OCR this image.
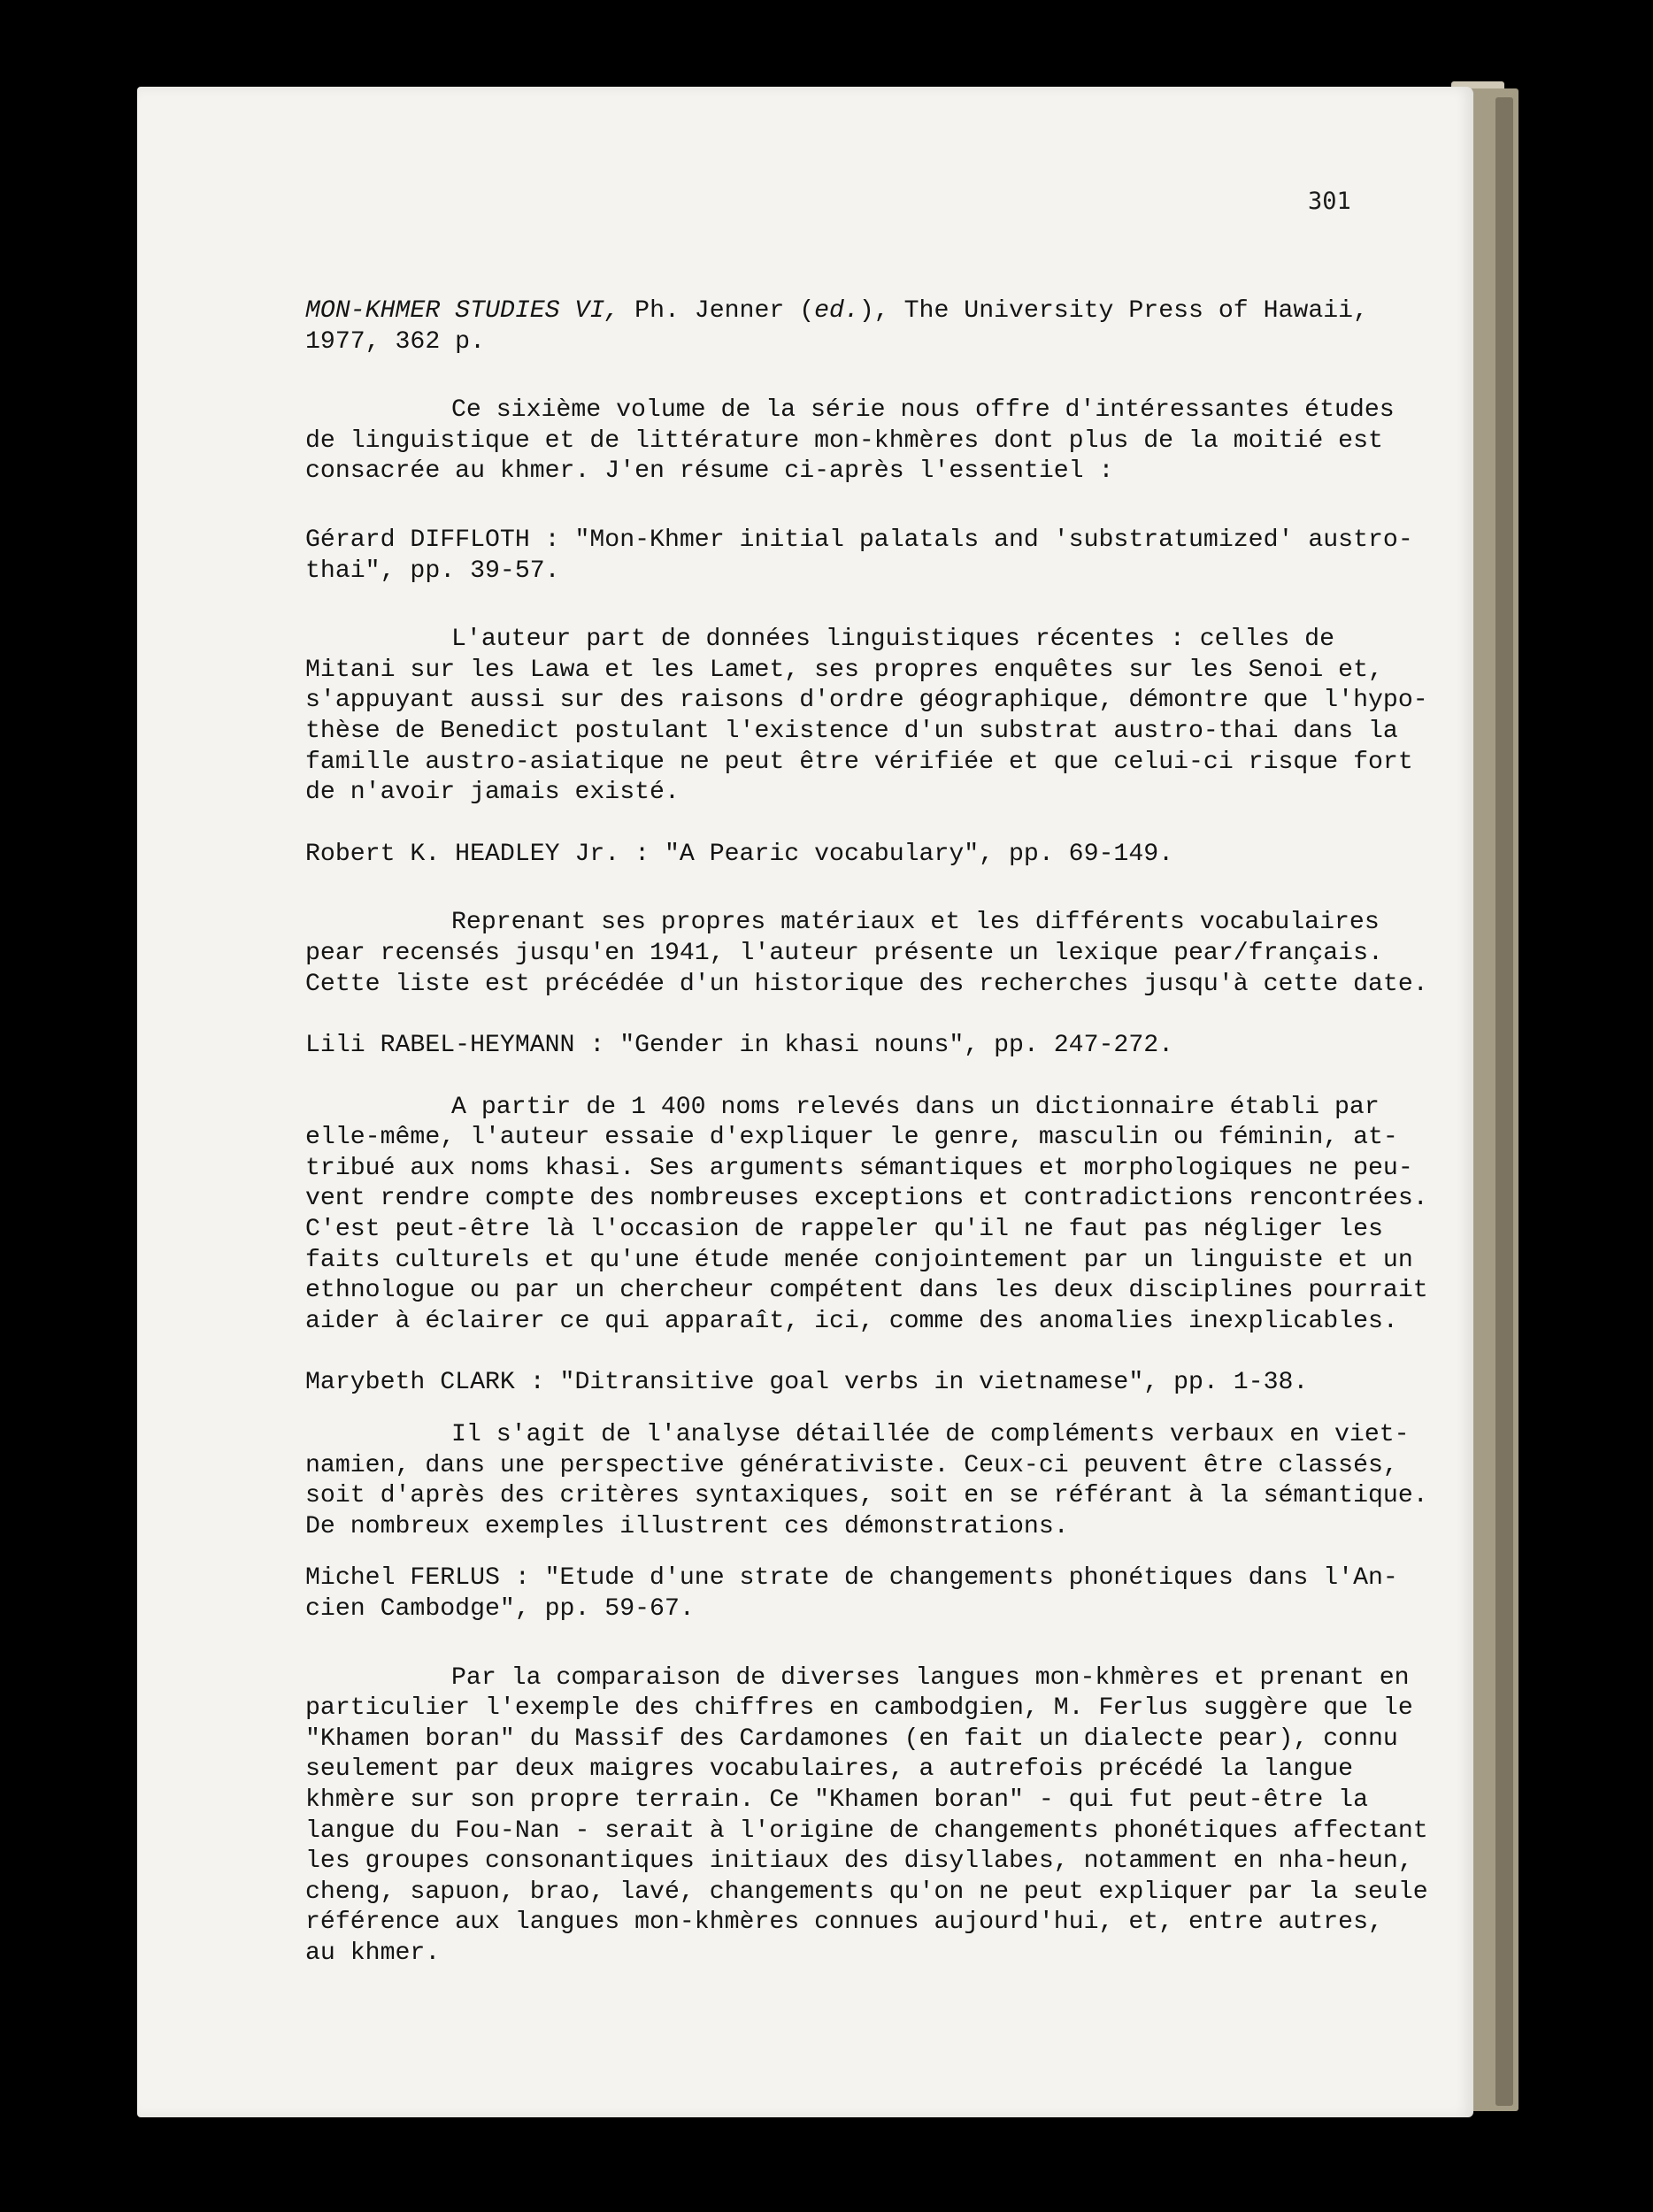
301

MON-KHMER STUDIES VI, Ph. Jenner (ed.), The University Press of Hawaii,

1977, 362 p.

Ce sixième volume de la série nous offre d'intéressantes études

de linguistique et de littérature mon-khmères dont plus de la moitié est

consacrée au khmer. J'en résume ci-après l'essentiel :

Gérard DIFFLOTH : "Mon-Khmer initial palatals and 'substratumized' austro-

thai", pp. 39-57.

L'auteur part de données linguistiques récentes : celles de

Mitani sur les Lawa et les Lamet, ses propres enquêtes sur les Senoi et,

s'appuyant aussi sur des raisons d'ordre géographique, démontre que l'hypo-

thèse de Benedict postulant l'existence d'un substrat austro-thai dans la

famille austro-asiatique ne peut être vérifiée et que celui-ci risque fort

de n'avoir jamais existé.

Robert K. HEADLEY Jr. : "A Pearic vocabulary", pp. 69-149.

Reprenant ses propres matériaux et les différents vocabulaires

pear recensés jusqu'en 1941, l'auteur présente un lexique pear/français.

Cette liste est précédée d'un historique des recherches jusqu'à cette date.

Lili RABEL-HEYMANN : "Gender in khasi nouns", pp. 247-272.

A partir de 1 400 noms relevés dans un dictionnaire établi par

elle-même, l'auteur essaie d'expliquer le genre, masculin ou féminin, at-

tribué aux noms khasi. Ses arguments sémantiques et morphologiques ne peu-

vent rendre compte des nombreuses exceptions et contradictions rencontrées.

C'est peut-être là l'occasion de rappeler qu'il ne faut pas négliger les

faits culturels et qu'une étude menée conjointement par un linguiste et un

ethnologue ou par un chercheur compétent dans les deux disciplines pourrait

aider à éclairer ce qui apparaît, ici, comme des anomalies inexplicables.

Marybeth CLARK : "Ditransitive goal verbs in vietnamese", pp. 1-38.

Il s'agit de l'analyse détaillée de compléments verbaux en viet-

namien, dans une perspective générativiste. Ceux-ci peuvent être classés,

soit d'après des critères syntaxiques, soit en se référant à la sémantique.

De nombreux exemples illustrent ces démonstrations.

Michel FERLUS : "Etude d'une strate de changements phonétiques dans l'An-

cien Cambodge", pp. 59-67.

Par la comparaison de diverses langues mon-khmères et prenant en

particulier l'exemple des chiffres en cambodgien, M. Ferlus suggère que le

"Khamen boran" du Massif des Cardamones (en fait un dialecte pear), connu

seulement par deux maigres vocabulaires, a autrefois précédé la langue

khmère sur son propre terrain. Ce "Khamen boran" - qui fut peut-être la

langue du Fou-Nan - serait à l'origine de changements phonétiques affectant

les groupes consonantiques initiaux des disyllabes, notamment en nha-heun,

cheng, sapuon, brao, lavé, changements qu'on ne peut expliquer par la seule

référence aux langues mon-khmères connues aujourd'hui, et, entre autres,

au khmer.
